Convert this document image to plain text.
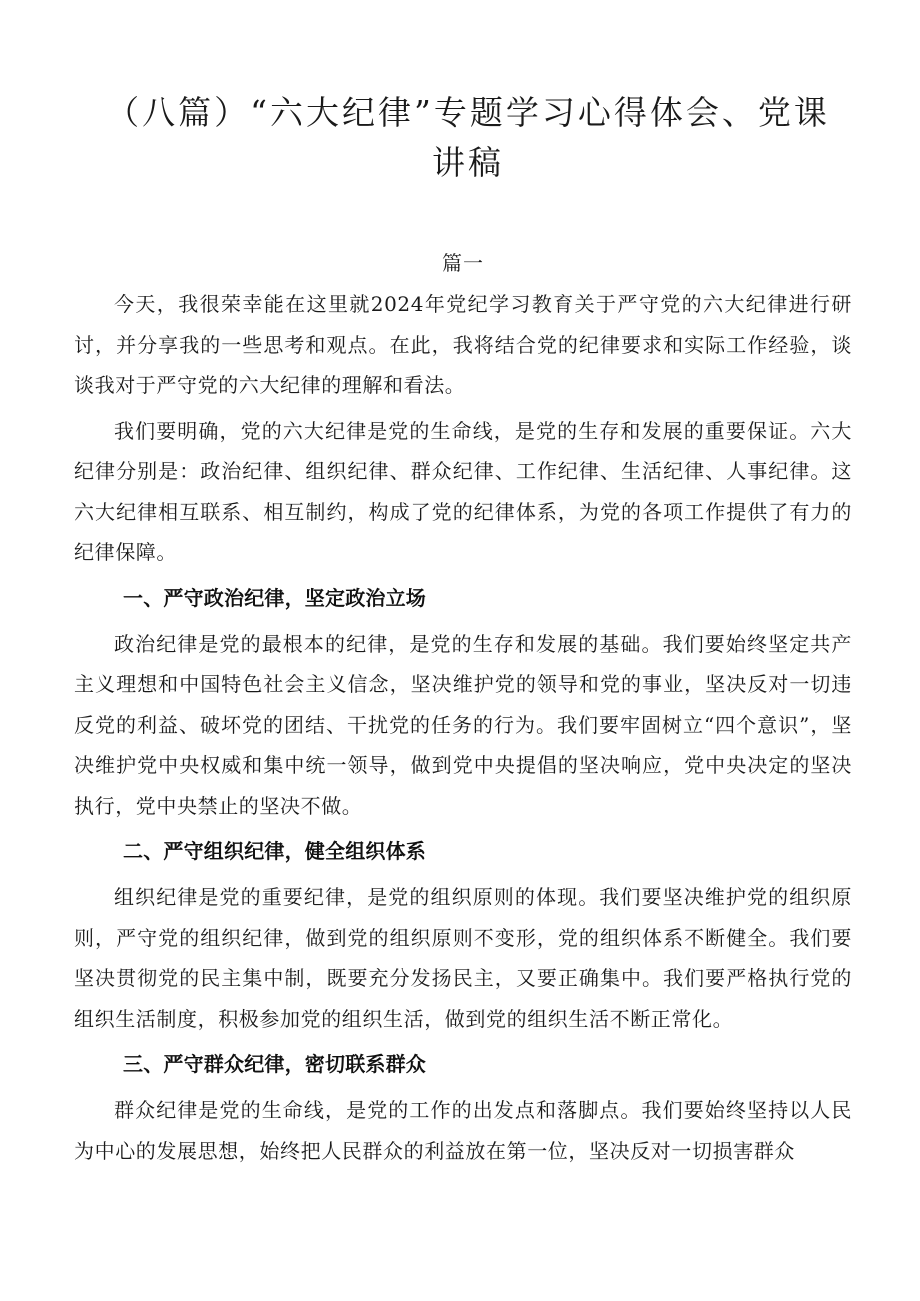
（八篇）“六大纪律”专题学习心得体会、党课讲稿
篇一

今天，我很荣幸能在这里就2024年党纪学习教育关于严守党的六大纪律进行研讨，并分享我的一些思考和观点。在此，我将结合党的纪律要求和实际工作经验，谈谈我对于严守党的六大纪律的理解和看法。

我们要明确，党的六大纪律是党的生命线，是党的生存和发展的重要保证。六大纪律分别是：政治纪律、组织纪律、群众纪律、工作纪律、生活纪律、人事纪律。这六大纪律相互联系、相互制约，构成了党的纪律体系，为党的各项工作提供了有力的纪律保障。

一、严守政治纪律，坚定政治立场

政治纪律是党的最根本的纪律，是党的生存和发展的基础。我们要始终坚定共产主义理想和中国特色社会主义信念，坚决维护党的领导和党的事业，坚决反对一切违反党的利益、破坏党的团结、干扰党的任务的行为。我们要牢固树立“四个意识”，坚决维护党中央权威和集中统一领导，做到党中央提倡的坚决响应，党中央决定的坚决执行，党中央禁止的坚决不做。

二、严守组织纪律，健全组织体系

组织纪律是党的重要纪律，是党的组织原则的体现。我们要坚决维护党的组织原则，严守党的组织纪律，做到党的组织原则不变形，党的组织体系不断健全。我们要坚决贯彻党的民主集中制，既要充分发扬民主，又要正确集中。我们要严格执行党的组织生活制度，积极参加党的组织生活，做到党的组织生活不断正常化。

三、严守群众纪律，密切联系群众

群众纪律是党的生命线，是党的工作的出发点和落脚点。我们要始终坚持以人民为中心的发展思想，始终把人民群众的利益放在第一位，坚决反对一切损害群众
